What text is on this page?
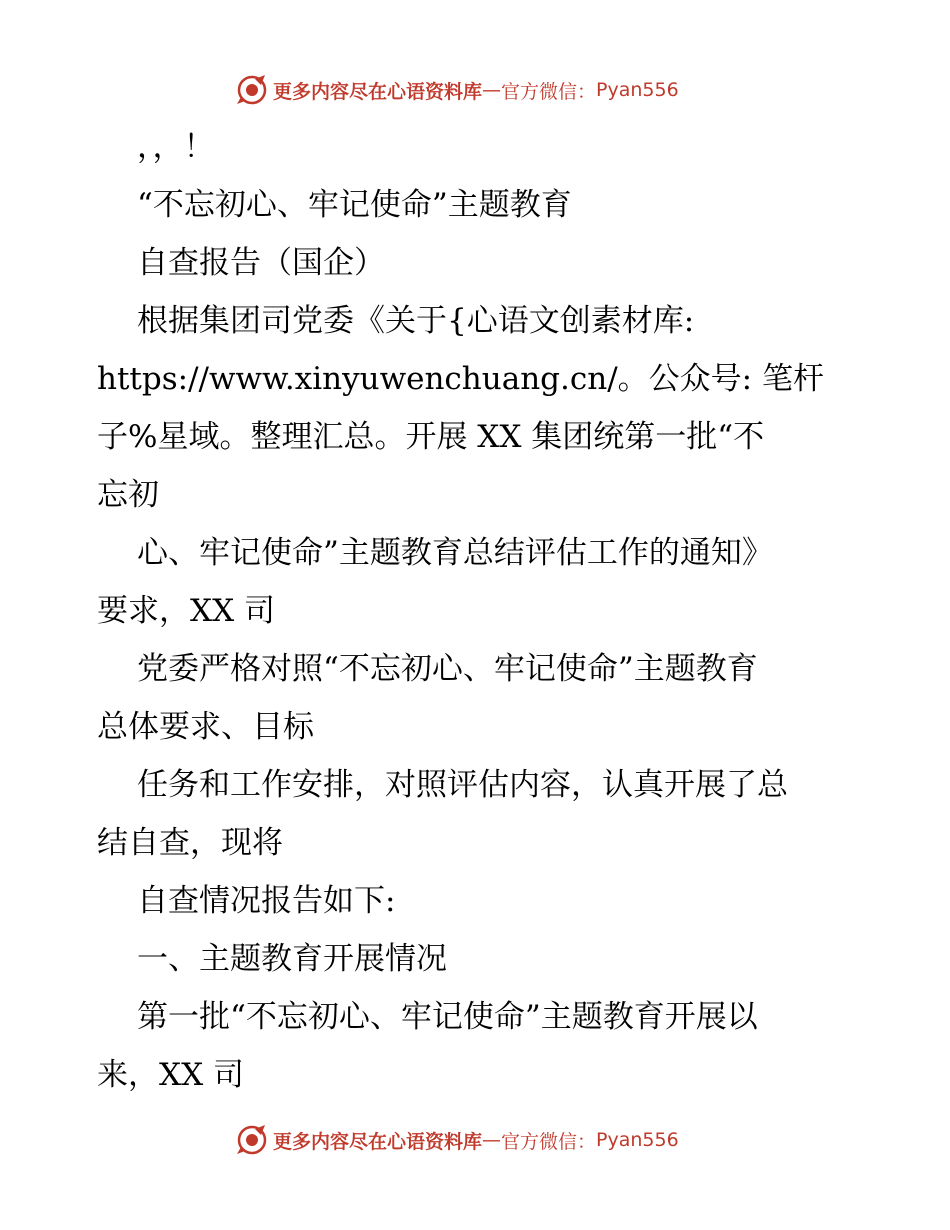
更多内容尽在心语资料库 — 官方微信： Pyan556
，，！
“不忘初心、牢记使命”主题教育
自查报告（国企）
根据集团司党委《关于{心语文创素材库:
https://www.xinyuwenchuang.cn/。公众号: 笔杆
子%星域。整理汇总。开展 XX 集团统第一批“不
忘初
心、牢记使命”主题教育总结评估工作的通知》
要求，XX 司
党委严格对照“不忘初心、牢记使命”主题教育
总体要求、目标
任务和工作安排，对照评估内容，认真开展了总
结自查，现将
自查情况报告如下:
一、主题教育开展情况
第一批“不忘初心、牢记使命”主题教育开展以
来，XX 司
更多内容尽在心语资料库 — 官方微信： Pyan556
